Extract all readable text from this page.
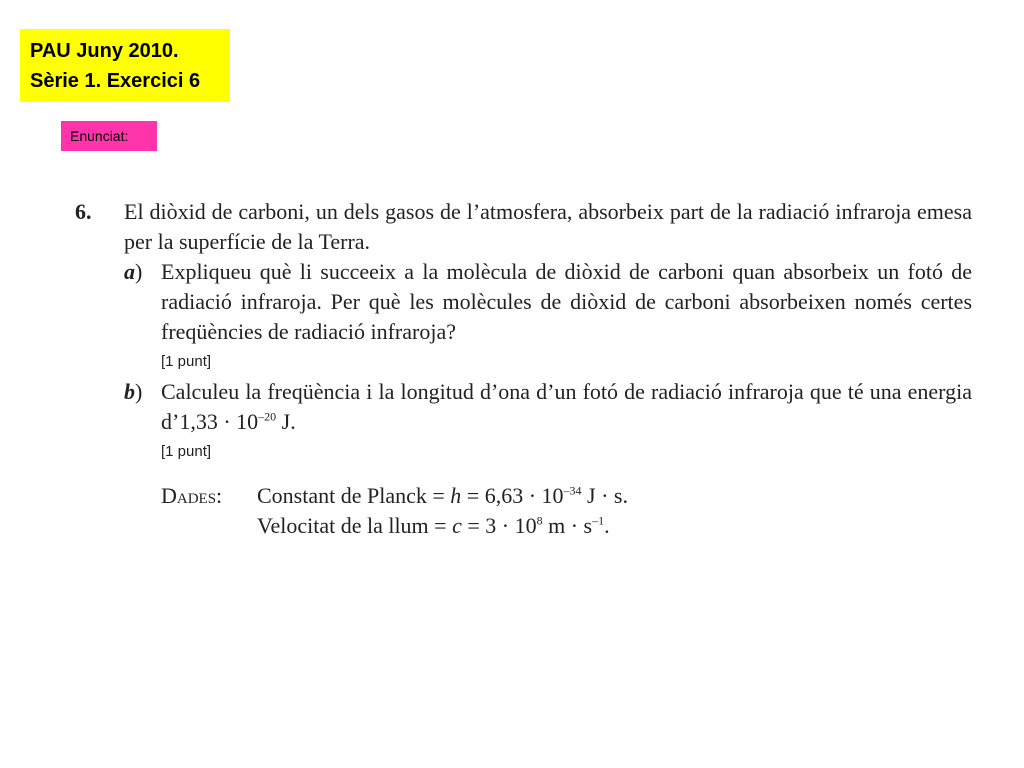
PAU Juny 2010.
Sèrie 1. Exercici 6
Enunciat:
6. El diòxid de carboni, un dels gasos de l’atmosfera, absorbeix part de la radiació infraroja emesa per la superfície de la Terra.
a) Expliqueu què li succeeix a la molècula de diòxid de carboni quan absorbeix un fotó de radiació infraroja. Per què les molècules de diòxid de carboni absorbeixen només certes freqüències de radiació infraroja?
[1 punt]
b) Calculeu la freqüència i la longitud d’ona d’un fotó de radiació infraroja que té una energia d’1,33 · $10^{-20}$ J.
[1 punt]
Dades: Constant de Planck = $h = 6,63 \cdot 10^{-34}$ J · s.
Velocitat de la llum = $c = 3 \cdot 10^8$ $m \cdot s^{-1}$.
